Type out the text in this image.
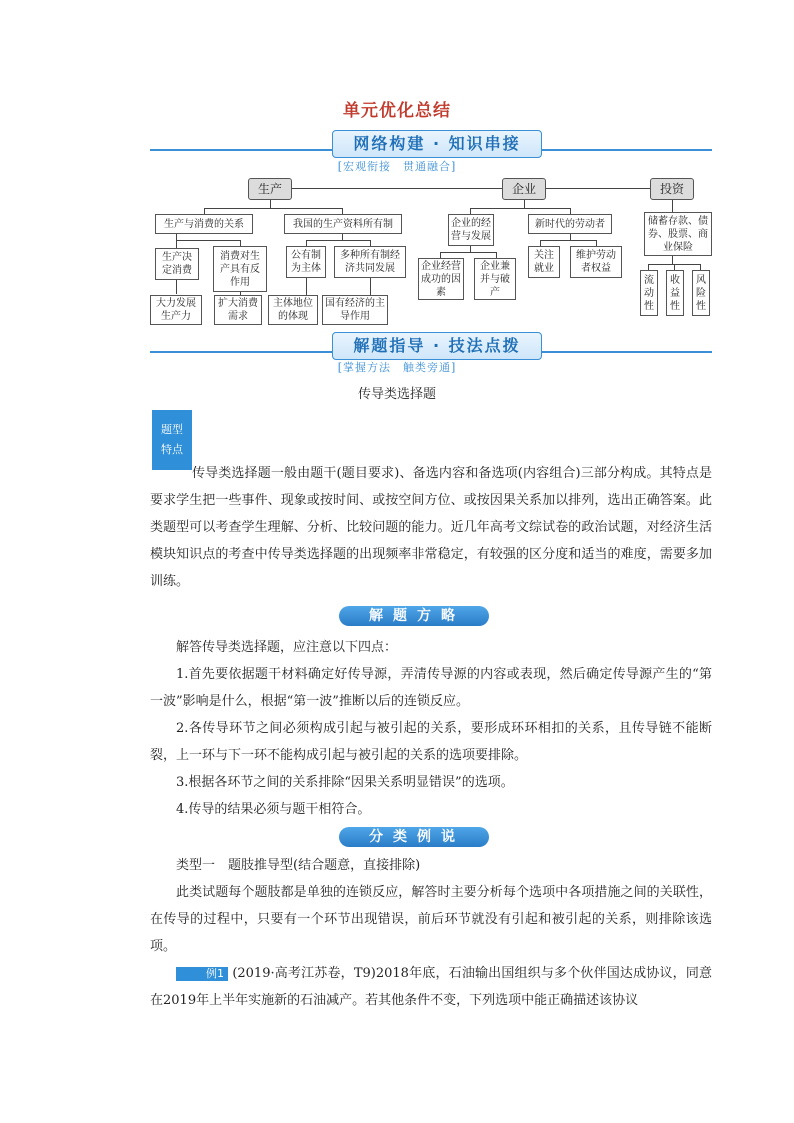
单元优化总结
网络构建 · 知识串接
[宏观衔接　贯通融合]
生产	企业	投资
生产与消费的关系	我国的生产资料所有制
生产决定消费
消费对生产具有反作用
大力发展生产力
扩大消费需求
公有制为主体
多种所有制经济共同发展
主体地位的体现
国有经济的主导作用
企业的经营与发展
新时代的劳动者
企业经营成功的因素
企业兼并与破产
关注就业
维护劳动者权益
储蓄存款、债券、股票、商业保险
流动性
收益性
风险性
解题指导 · 技法点拨
[掌握方法　触类旁通]
传导类选择题
题型
特点

传导类选择题一般由题干(题目要求)、备选内容和备选项(内容组合)三部分构成。其特点是要求学生把一些事件、现象或按时间、或按空间方位、或按因果关系加以排列，选出正确答案。此类题型可以考查学生理解、分析、比较问题的能力。近几年高考文综试卷的政治试题，对经济生活模块知识点的考查中传导类选择题的出现频率非常稳定，有较强的区分度和适当的难度，需要多加训练。

解题方略

解答传导类选择题，应注意以下四点：

1.首先要依据题干材料确定好传导源，弄清传导源的内容或表现，然后确定传导源产生的“第一波”影响是什么，根据“第一波”推断以后的连锁反应。

2.各传导环节之间必须构成引起与被引起的关系，要形成环环相扣的关系，且传导链不能断裂，上一环与下一环不能构成引起与被引起的关系的选项要排除。

3.根据各环节之间的关系排除“因果关系明显错误”的选项。

4.传导的结果必须与题干相符合。

分类例说

类型一　题肢推导型(结合题意，直接排除)

此类试题每个题肢都是单独的连锁反应，解答时主要分析每个选项中各项措施之间的关联性，在传导的过程中，只要有一个环节出现错误，前后环节就没有引起和被引起的关系，则排除该选项。

例1 (2019·高考江苏卷，T9)2018年底，石油输出国组织与多个伙伴国达成协议，同意在2019年上半年实施新的石油减产。若其他条件不变，下列选项中能正确描述该协议
